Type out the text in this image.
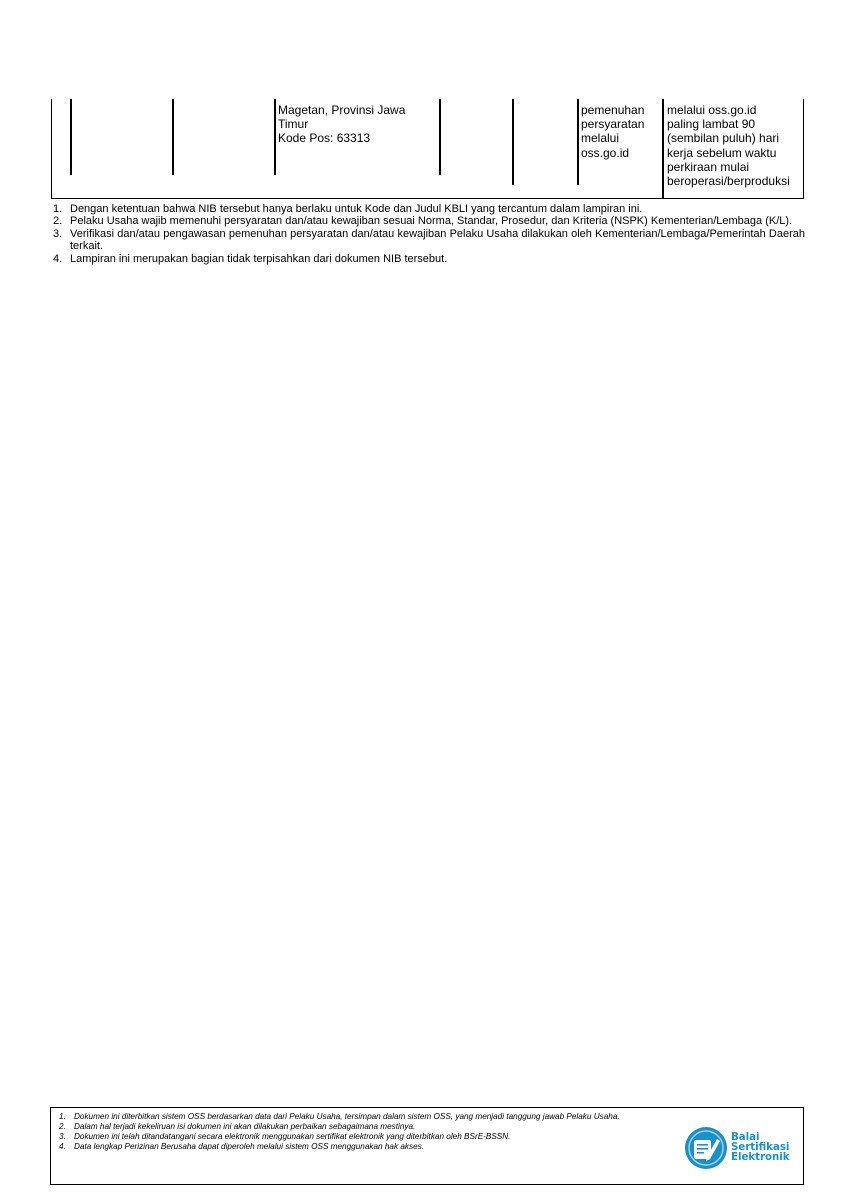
Magetan, Provinsi Jawa
Timur
Kode Pos: 63313
pemenuhan
persyaratan
melalui
oss.go.id
melalui oss.go.id
paling lambat 90
(sembilan puluh) hari
kerja sebelum waktu
perkiraan mulai
beroperasi/berproduksi
1. Dengan ketentuan bahwa NIB tersebut hanya berlaku untuk Kode dan Judul KBLI yang tercantum dalam lampiran ini.
2. Pelaku Usaha wajib memenuhi persyaratan dan/atau kewajiban sesuai Norma, Standar, Prosedur, dan Kriteria (NSPK) Kementerian/Lembaga (K/L).
3. Verifikasi dan/atau pengawasan pemenuhan persyaratan dan/atau kewajiban Pelaku Usaha dilakukan oleh Kementerian/Lembaga/Pemerintah Daerah terkait.
4. Lampiran ini merupakan bagian tidak terpisahkan dari dokumen NIB tersebut.
1. Dokumen ini diterbitkan sistem OSS berdasarkan data dari Pelaku Usaha, tersimpan dalam sistem OSS, yang menjadi tanggung jawab Pelaku Usaha.
2. Dalam hal terjadi kekeliruan isi dokumen ini akan dilakukan perbaikan sebagaimana mestinya.
3. Dokumen ini telah ditandatangani secara elektronik menggunakan sertifikat elektronik yang diterbitkan oleh BSrE-BSSN.
4. Data lengkap Perizinan Berusaha dapat diperoleh melalui sistem OSS menggunakan hak akses.
Balai
Sertifikasi
Elektronik
